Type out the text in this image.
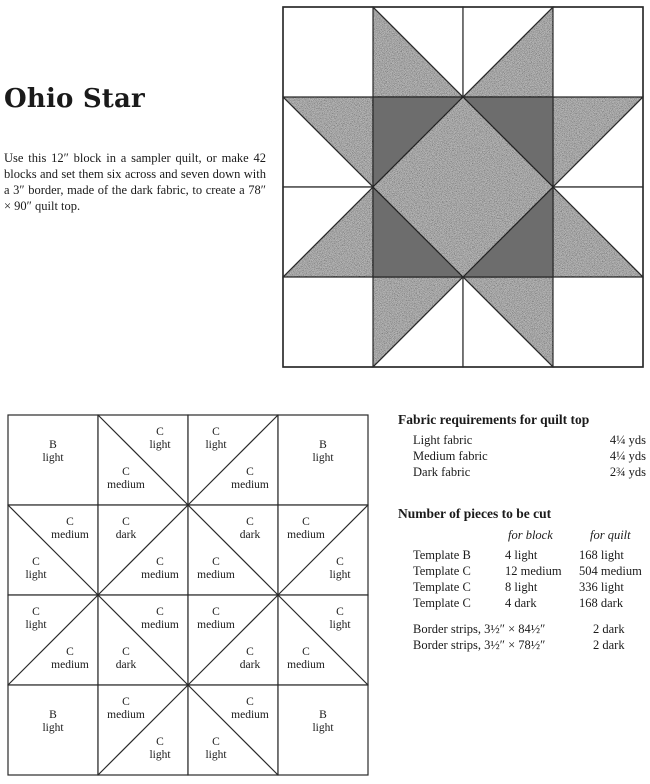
Ohio Star
Use this 12″ block in a sampler quilt, or make 42 blocks and set them six across and seven down with a 3″ border, made of the dark fabric, to create a 78″ × 90″ quilt top.
B light
C light
C medium
C light
C medium
B light
C medium
C light
C dark
C medium
C dark
C medium
C medium
C light
C light
C medium
C medium
C dark
C medium
C dark
C light
C medium
B light
C medium
C light
C medium
C light
B light
Fabric requirements for quilt top
Light fabric	4¼ yds
Medium fabric	4¼ yds
Dark fabric	2¾ yds
Number of pieces to be cut
for block	for quilt
Template B	4 light	168 light
Template C	12 medium 504 medium
Template C	8 light	336 light
Template C	4 dark	168 dark
Border strips, 3½″ × 84½″	2 dark
Border strips, 3½″ × 78½″	2 dark
